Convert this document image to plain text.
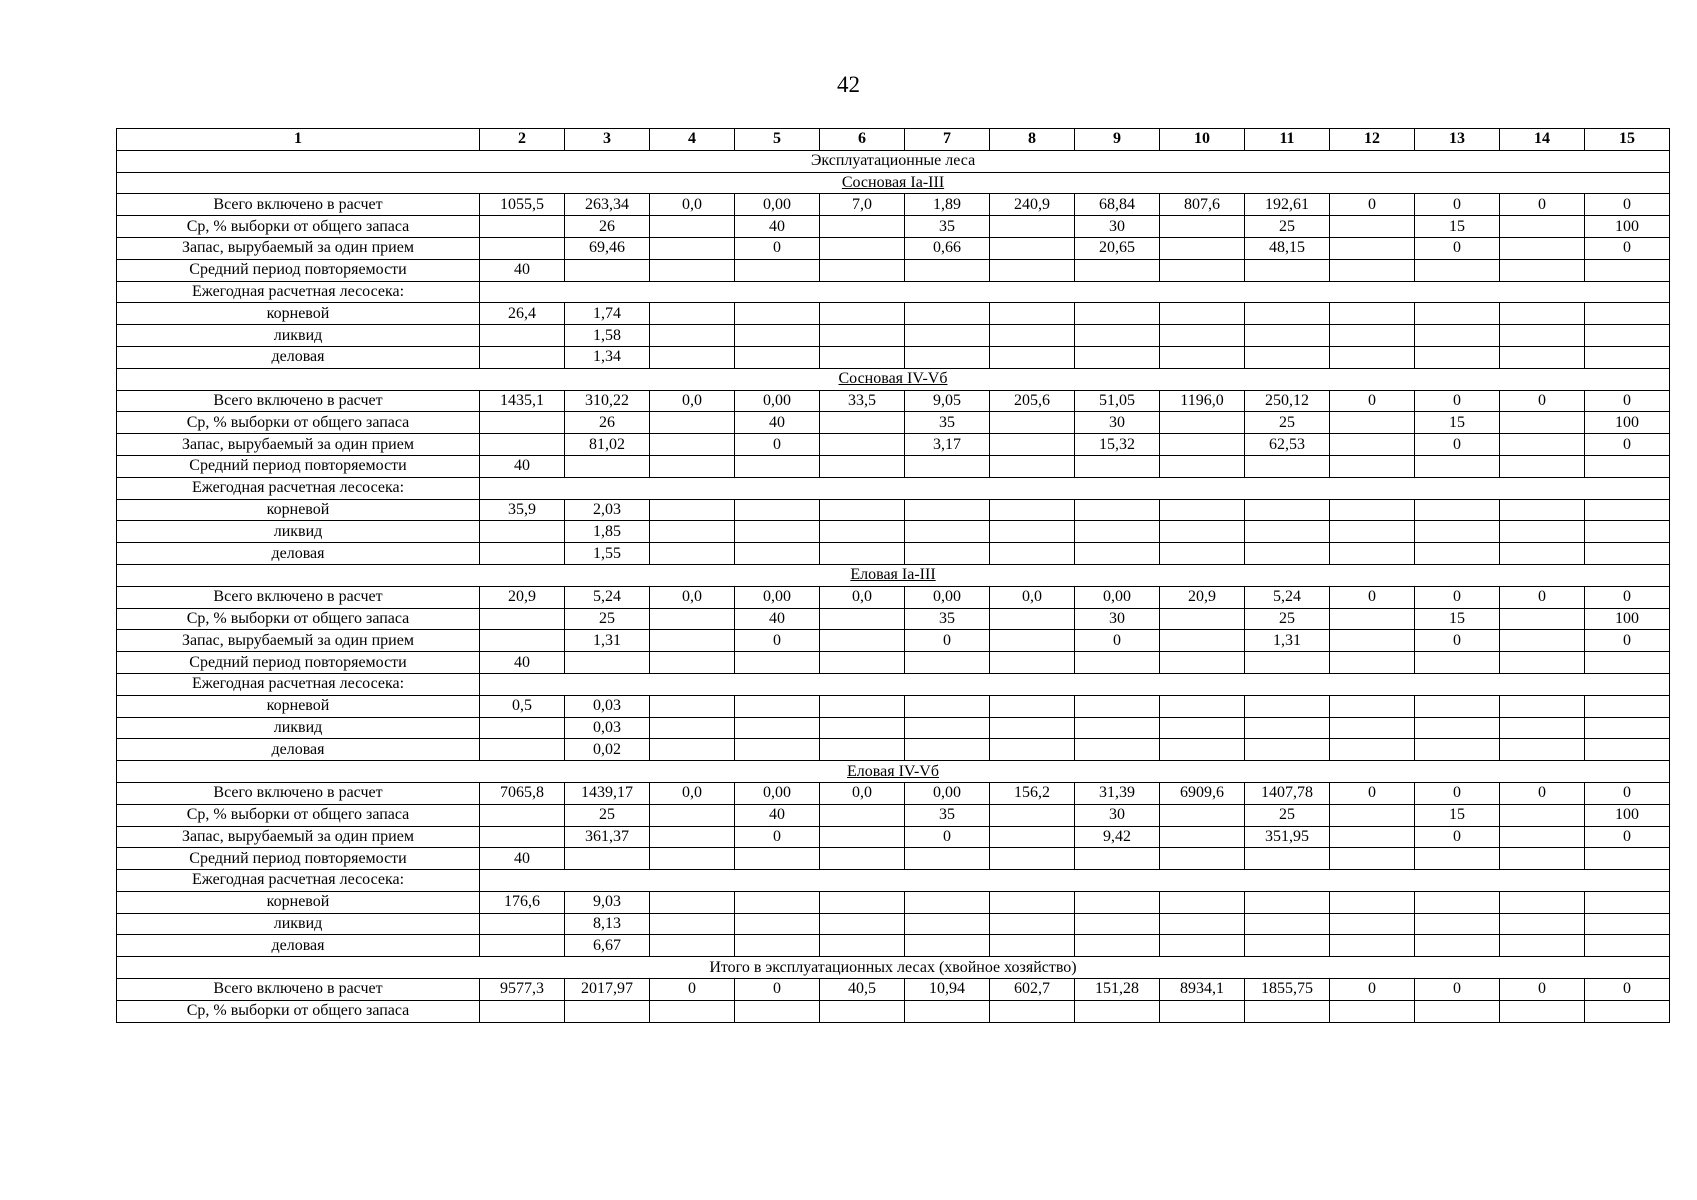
42
1	2	3	4	5	6	7	8	9	10	11	12	13	14	15
Эксплуатационные леса														
Сосновая Ia-III														
Всего включено в расчет	1055,5	263,34	0,0	0,00	7,0	1,89	240,9	68,84	807,6	192,61	0	0	0	0
Ср, % выборки от общего запаса		26		40		35		30		25		15		100
Запас, вырубаемый за один прием		69,46		0		0,66		20,65		48,15		0		0
Средний период повторяемости	40													
Ежегодная расчетная лесосека:														
корневой	26,4	1,74												
ликвид		1,58												
деловая		1,34												
Сосновая IV-Vб														
Всего включено в расчет	1435,1	310,22	0,0	0,00	33,5	9,05	205,6	51,05	1196,0	250,12	0	0	0	0
Ср, % выборки от общего запаса		26		40		35		30		25		15		100
Запас, вырубаемый за один прием		81,02		0		3,17		15,32		62,53		0		0
Средний период повторяемости	40													
Ежегодная расчетная лесосека:														
корневой	35,9	2,03												
ликвид		1,85												
деловая		1,55												
Еловая Ia-III														
Всего включено в расчет	20,9	5,24	0,0	0,00	0,0	0,00	0,0	0,00	20,9	5,24	0	0	0	0
Ср, % выборки от общего запаса		25		40		35		30		25		15		100
Запас, вырубаемый за один прием		1,31		0		0		0		1,31		0		0
Средний период повторяемости	40													
Ежегодная расчетная лесосека:														
корневой	0,5	0,03												
ликвид		0,03												
деловая		0,02												
Еловая IV-Vб														
Всего включено в расчет	7065,8	1439,17	0,0	0,00	0,0	0,00	156,2	31,39	6909,6	1407,78	0	0	0	0
Ср, % выборки от общего запаса		25		40		35		30		25		15		100
Запас, вырубаемый за один прием		361,37		0		0		9,42		351,95		0		0
Средний период повторяемости	40													
Ежегодная расчетная лесосека:														
корневой	176,6	9,03												
ликвид		8,13												
деловая		6,67												
Итого в эксплуатационных лесах (хвойное хозяйство)														
Всего включено в расчет	9577,3	2017,97	0	0	40,5	10,94	602,7	151,28	8934,1	1855,75	0	0	0	0
Ср, % выборки от общего запаса														
